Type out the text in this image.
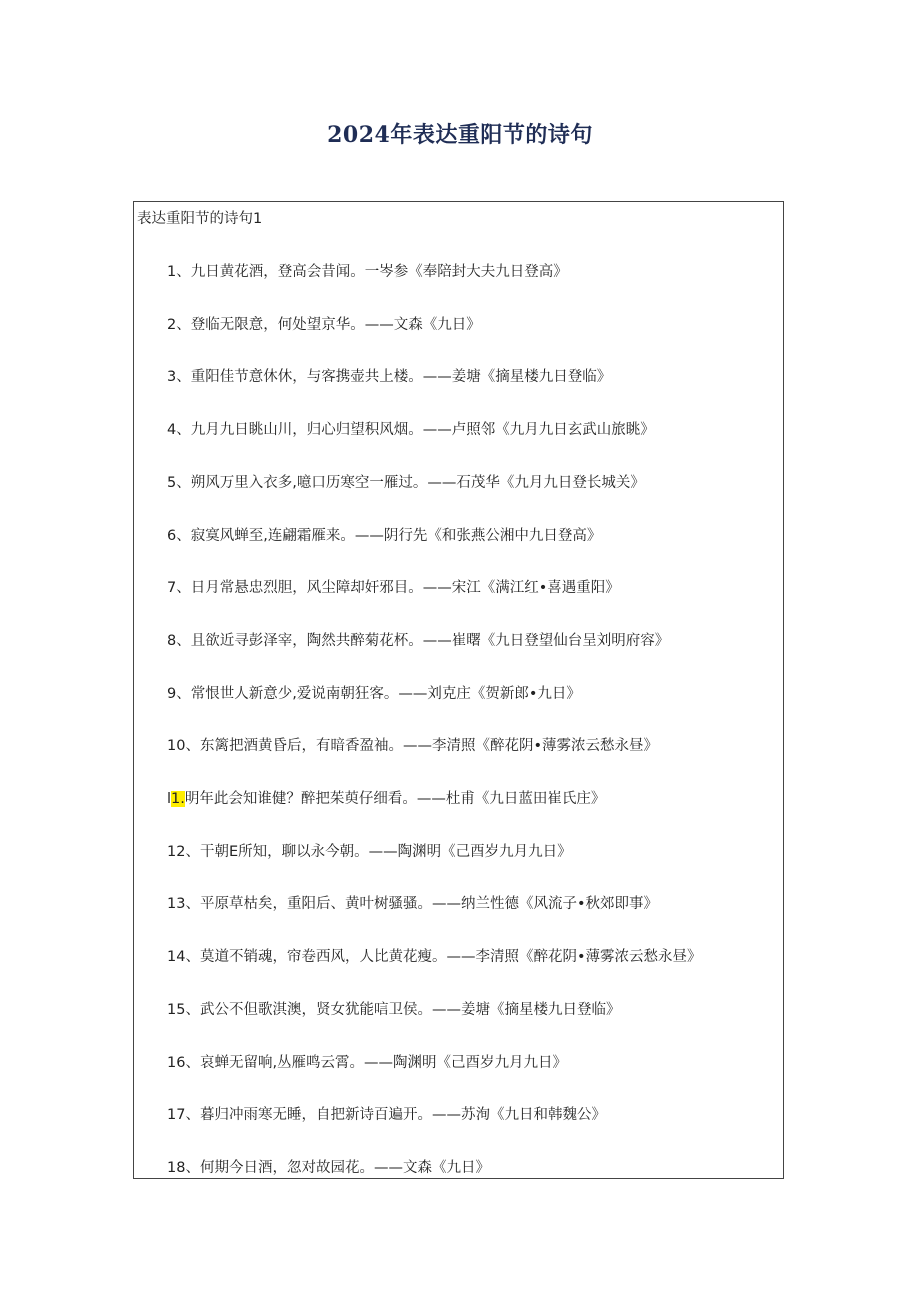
2024年表达重阳节的诗句
表达重阳节的诗句1
1、九日黄花酒，登高会昔闻。一岑参《奉陪封大夫九日登高》
2、登临无限意，何处望京华。——文森《九日》
3、重阳佳节意休休，与客携壶共上楼。——姜塘《摘星楼九日登临》
4、九月九日眺山川，归心归望积风烟。——卢照邻《九月九日玄武山旅眺》
5、朔风万里入衣多,噫口历寒空一雁过。——石茂华《九月九日登长城关》
6、寂寞风蝉至,连翩霜雁来。——阴行先《和张燕公湘中九日登高》
7、日月常悬忠烈胆，风尘障却奸邪目。——宋江《满江红•喜遇重阳》
8、且欲近寻彭泽宰，陶然共醉菊花杯。——崔曙《九日登望仙台呈刘明府容》
9、常恨世人新意少,爱说南朝狂客。——刘克庄《贺新郎•九日》
10、东篱把酒黄昏后，有暗香盈袖。——李清照《醉花阴•薄雾浓云愁永昼》
l1.明年此会知谁健？醉把茱萸仔细看。——杜甫《九日蓝田崔氏庄》
12、干朝E所知，聊以永今朝。——陶渊明《己酉岁九月九日》
13、平原草枯矣，重阳后、黄叶树骚骚。——纳兰性德《风流子•秋郊即事》
14、莫道不销魂，帘卷西风，人比黄花瘦。——李清照《醉花阴•薄雾浓云愁永昼》
15、武公不但歌淇澳，贤女犹能唁卫侯。——姜塘《摘星楼九日登临》
16、哀蝉无留响,丛雁鸣云霄。——陶渊明《己酉岁九月九日》
17、暮归冲雨寒无睡，自把新诗百遍开。——苏洵《九日和韩魏公》
18、何期今日酒，忽对故园花。——文森《九日》
